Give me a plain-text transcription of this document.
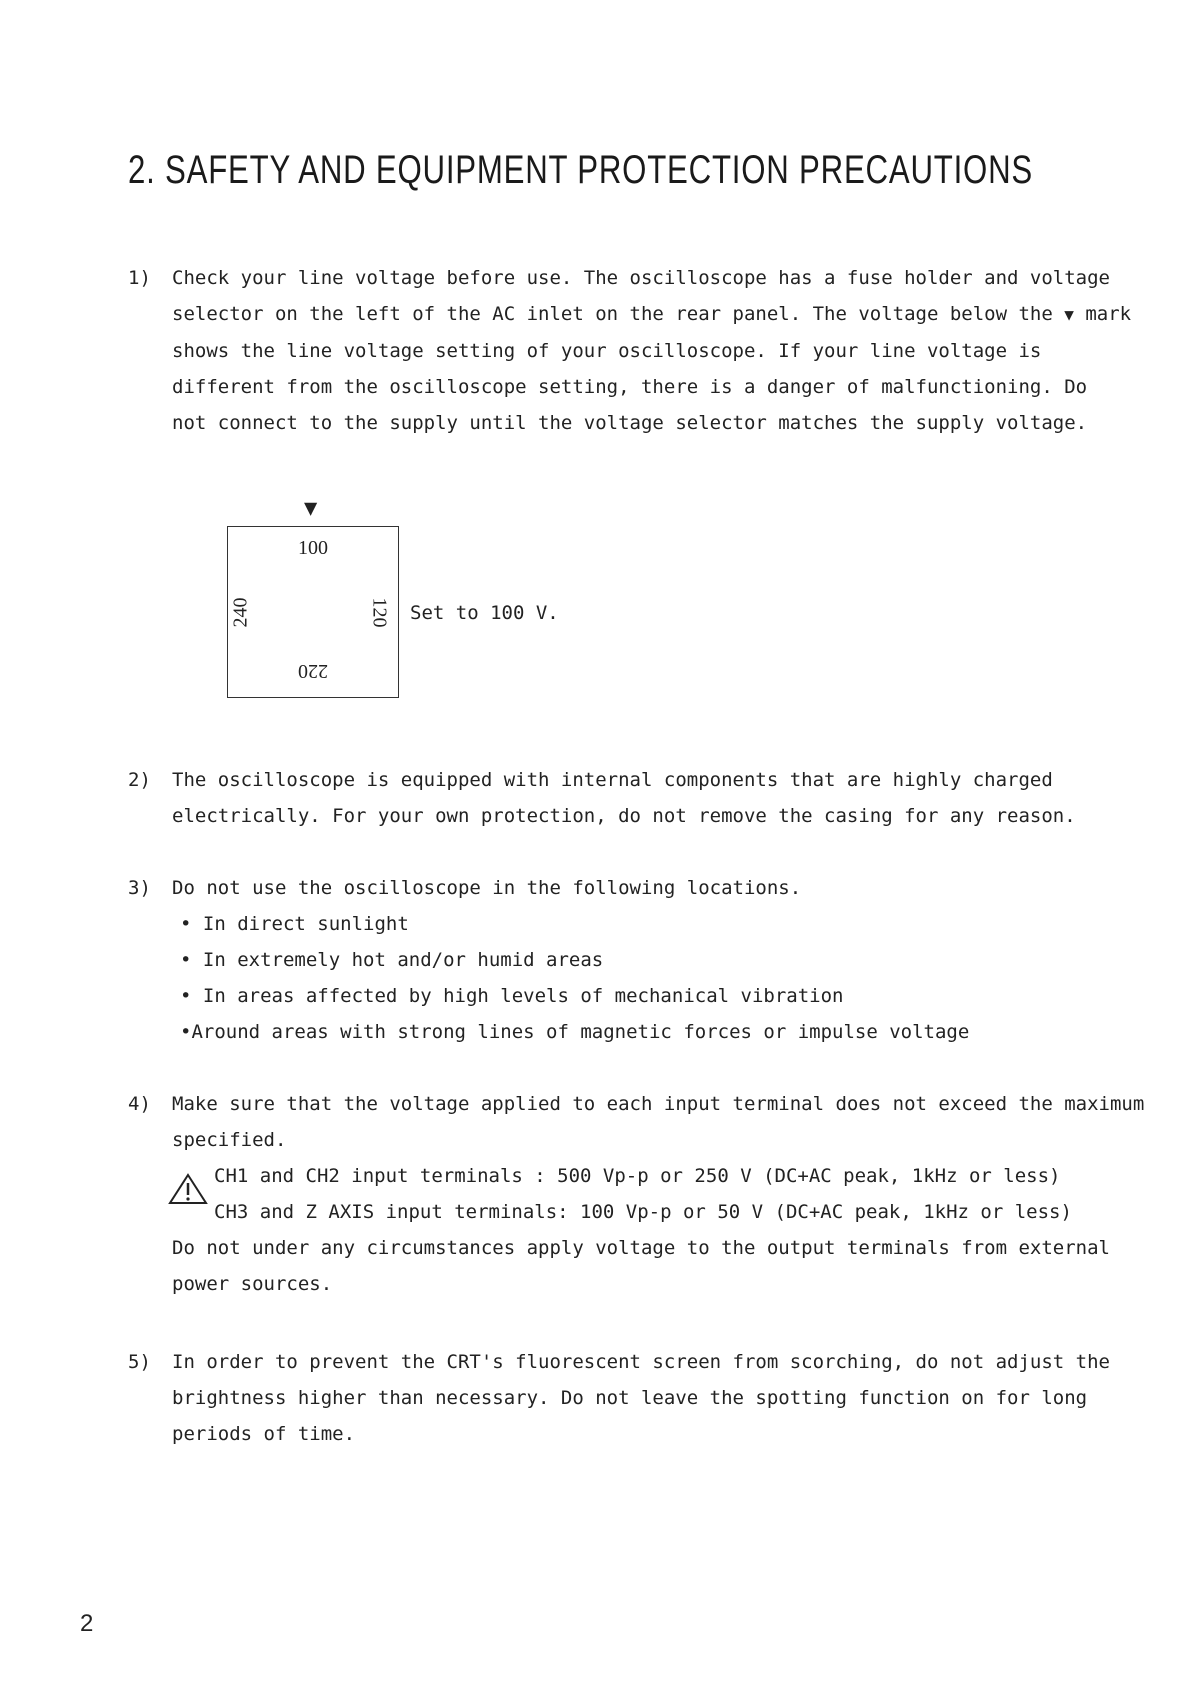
2. SAFETY AND EQUIPMENT PROTECTION PRECAUTIONS
1) Check your line voltage before use. The oscilloscope has a fuse holder and voltage

selector on the left of the AC inlet on the rear panel. The voltage below the ▼ mark

shows the line voltage setting of your oscilloscope. If your line voltage is

different from the oscilloscope setting, there is a danger of malfunctioning. Do

not connect to the supply until the voltage selector matches the supply voltage.

▼
100
240	120
220
Set to 100 V.
2) The oscilloscope is equipped with internal components that are highly charged

electrically. For your own protection, do not remove the casing for any reason.

3) Do not use the oscilloscope in the following locations.

• In direct sunlight

• In extremely hot and/or humid areas

• In areas affected by high levels of mechanical vibration

•Around areas with strong lines of magnetic forces or impulse voltage

4) Make sure that the voltage applied to each input terminal does not exceed the maximum

specified.

CH1 and CH2 input terminals : 500 Vp-p or 250 V (DC+AC peak, 1kHz or less)

CH3 and Z AXIS input terminals: 100 Vp-p or 50 V (DC+AC peak, 1kHz or less)

Do not under any circumstances apply voltage to the output terminals from external

power sources.

5) In order to prevent the CRT's fluorescent screen from scorching, do not adjust the

brightness higher than necessary. Do not leave the spotting function on for long

periods of time.

2
